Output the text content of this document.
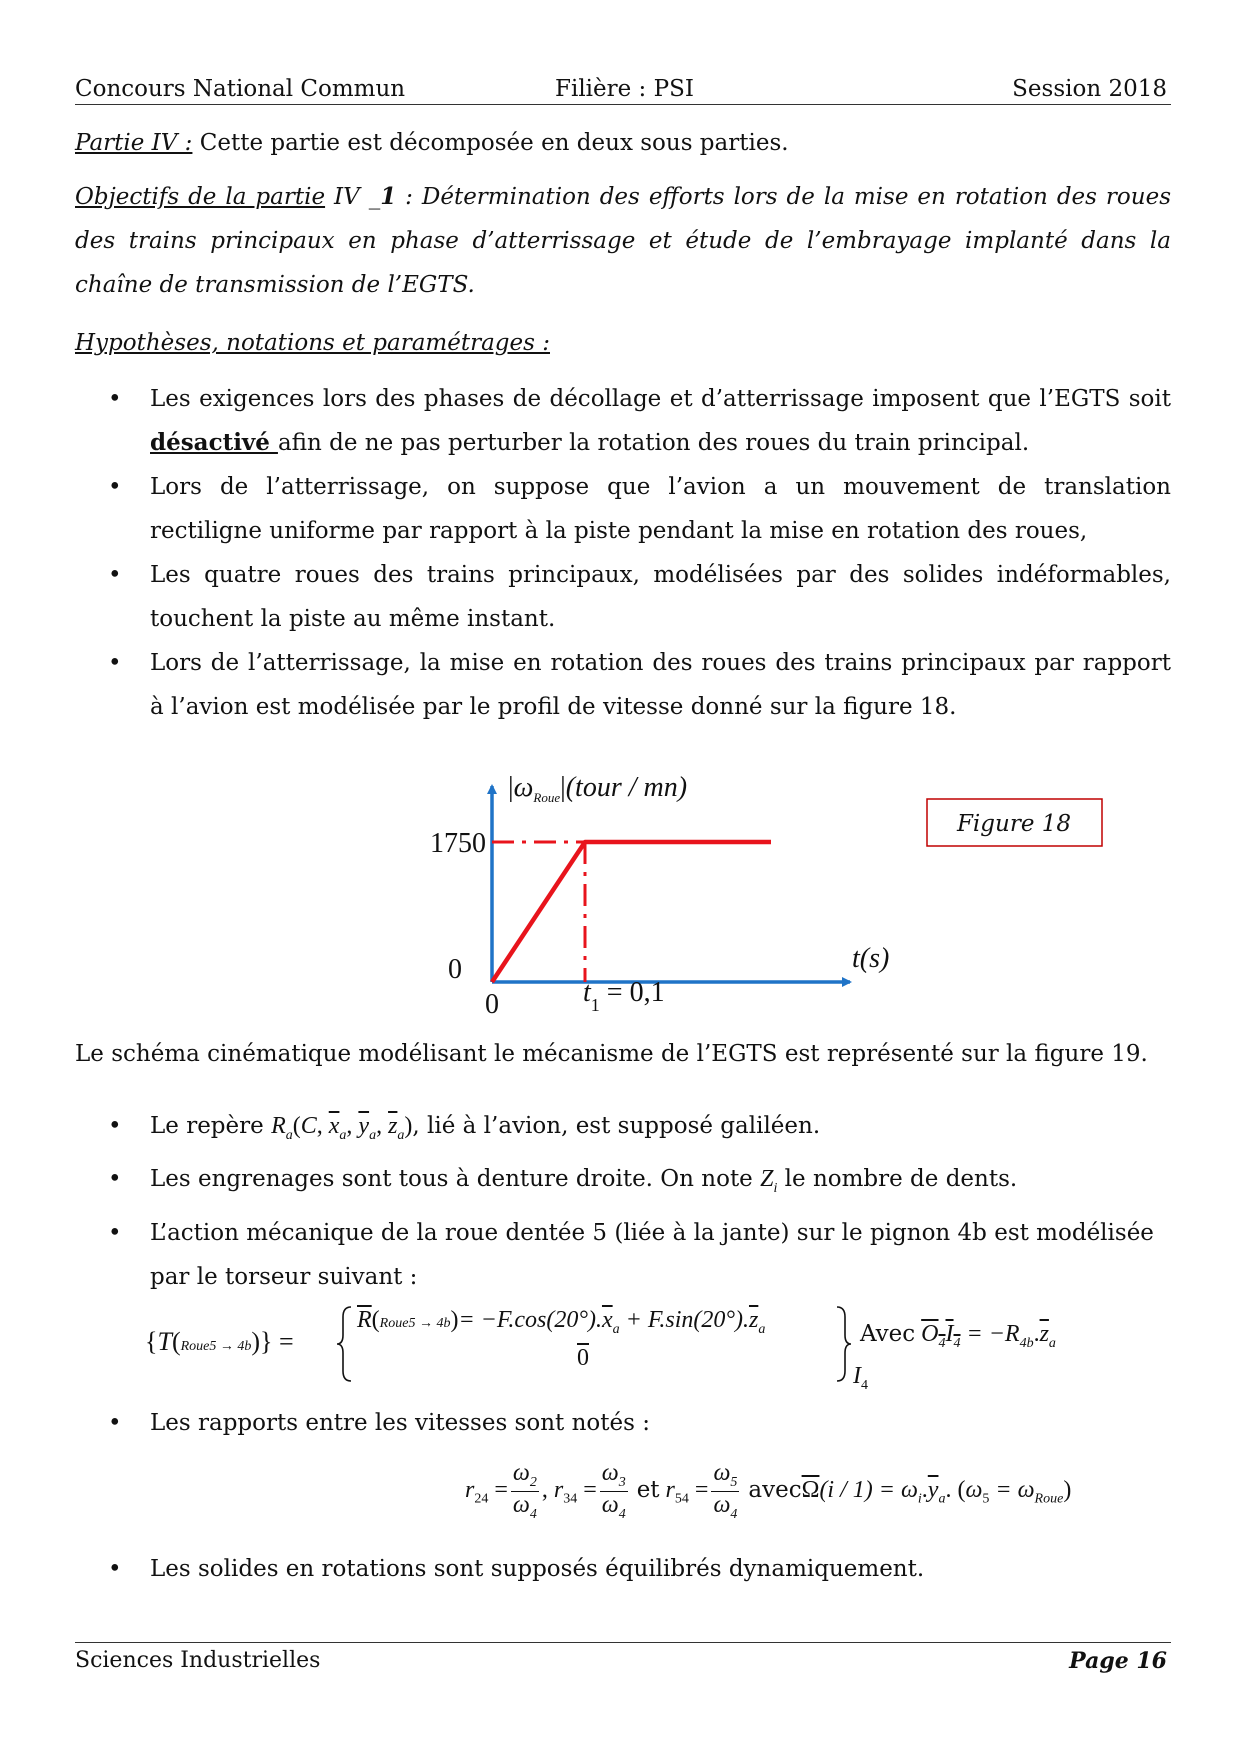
Concours National Commun	Filière : PSI	Session 2018
Partie IV : Cette partie est décomposée en deux sous parties.
Objectifs de la partie IV _1 : Détermination des efforts lors de la mise en rotation des roues des trains principaux en phase d’atterrissage et étude de l’embrayage implanté dans la chaîne de transmission de l’EGTS.
Hypothèses, notations et paramétrages :
• Les exigences lors des phases de décollage et d’atterrissage imposent que l’EGTS soit désactivé afin de ne pas perturber la rotation des roues du train principal.
• Lors de l’atterrissage, on suppose que l’avion a un mouvement de translation rectiligne uniforme par rapport à la piste pendant la mise en rotation des roues,
• Les quatre roues des trains principaux, modélisées par des solides indéformables, touchent la piste au même instant.
• Lors de l’atterrissage, la mise en rotation des roues des trains principaux par rapport à l’avion est modélisée par le profil de vitesse donné sur la figure 18.
$|\omega_{Roue}|(tour / mn)$
1750
0
0	$t_1 = 0,1$
t(s)
Figure 18
Le schéma cinématique modélisant le mécanisme de l’EGTS est représenté sur la figure 19.
•	Le repère $R_a(C$, $\overline{x}_a$, $\overline{y}_a$, $\overline{z}_a$), lié à l’avion, est supposé galiléen.
•	Les engrenages sont tous à denture droite. On note $Z_i$ le nombre de dents.
•	L’action mécanique de la roue dentée 5 (liée à la jante) sur le pignon 4b est modélisée par le torseur suivant :
{T(Roue5 → 4b)} =
$\overline{R}(Roue5 \to 4b)= -F.\cos(20^\circ).\overline{x}_a + F.\sin(20^\circ).\overline{z}_a$
0
$I_4$
Avec $O_4I_4 = -R_{4b}.\overline{z}_a$
•	Les rapports entre les vitesses sont notés :
$r_{24} = \frac{\omega_2}{\omega_4}$ , $r_{34} = \frac{\omega_3}{\omega_4}$ et $r_{54} = \frac{\omega_5}{\omega_4}$ $avec\overline{\Omega}(i / 1) = \omega_i.\overline{y}_a$. $(\omega_5 = \omega_{Roue})$
•	Les solides en rotations sont supposés équilibrés dynamiquement.
Sciences Industrielles	Page 16
